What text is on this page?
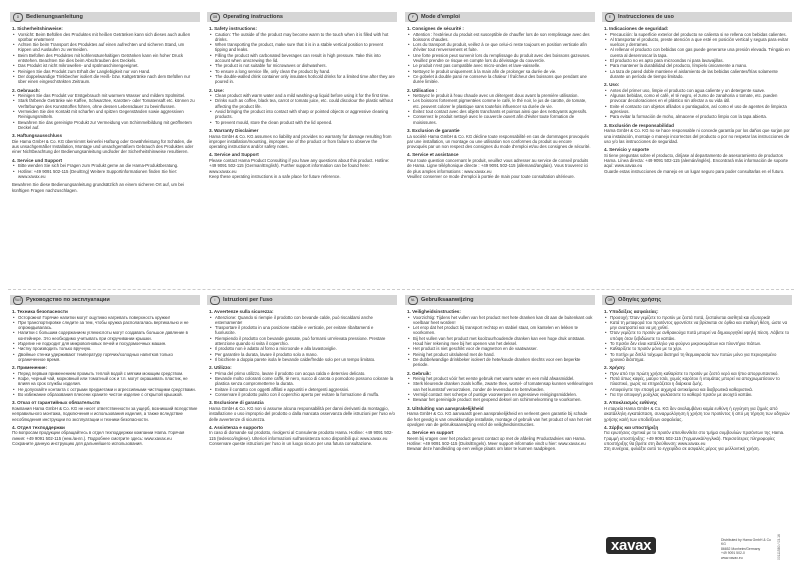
D	Bedienungsanleitung
1. Sicherheitshinweise:
• Vorsicht: Beim Befüllen des Produktes mit heißen Getränken kann sich dieses auch außen spürbar erwärmen!
• Achten Sie beim Transport des Produktes auf einen aufrechten und sicheren Stand, um Kippen und Auslaufen zu vermeiden.
• Beim Befüllen des Produktes mit kohlensäurehaltigen Getränken kann ein hoher Druck entstehen. Beachten Sie dies beim Abschrauben des Deckels.
• Das Produkt ist nicht mikrowellen- und spülmaschinengeeignet.
• Reinigen Sie das Produkt zum Erhalt der Langlebigkeit nur von Hand.
• Der doppelwandige Trinkbecher isoliert die Heiß- bzw. Kaltgetränke nach dem Befüllen nur über einen eingeschränkten Zeitraum.
2. Gebrauch:
• Reinigen Sie das Produkt vor Erstgebrauch mit warmem Wasser und mildem Spülmittel.
• Stark färbende Getränke wie Kaffee, Schwarztee, Karotten- oder Tomatensaft etc. können zu Verfärbungen des Kunststoffes führen, ohne dessen Lebensdauer zu beeinflussen.
• Vermeiden Sie den Kontakt mit scharfen und spitzen Gegenständen sowie aggressiven Reinigungsmitteln.
• Bewahren Sie das gereinigte Produkt zur Vermeidung von Schimmelbildung mit geöffnetem Deckel auf.
3. Haftungsausschluss
Die Hama GmbH & Co. KG übernimmt keinerlei Haftung oder Gewährleistung für Schäden, die aus unsachgemäßer Installation, Montage und unsachgemäßem Gebrauch des Produktes oder einer Nichtbeachtung der Bedienungsanleitung und/oder der Sicherheitshinweise resultieren.
4. Service und Support
• Bitte wenden Sie sich bei Fragen zum Produkt gerne an die Hama-Produktberatung.
• Hotline: +49 9091 502-115 (Deu/Eng) Weitere Supportinformationen finden Sie hier: www.xavax.eu
Bewahren Sie diese Bedienungsanleitung grundsätzlich an einem sicheren Ort auf, um bei künftigen Fragen nachzuschlagen.
GB	Operating instructions
1. Safety instructions:
• Caution: The outside of the product may become warm to the touch when it is filled with hot drinks.
• When transporting the product, make sure that it is in a stable vertical position to prevent tipping and leaks.
• Filling the product with carbonated beverages can result in high pressure. Take this into account when unscrewing the lid.
• The product is not suitable for microwaves or dishwashers.
• To ensure a long service life, only clean the product by hand.
• The double-walled drink container only insulates hot/cold drinks for a limited time after they are poured in.
2. Use:
• Clean product with warm water and a mild washing-up liquid before using it for the first time.
• Drinks such as coffee, black tea, carrot or tomato juice, etc. could discolour the plastic without affecting the product life.
• Avoid bringing the product into contact with sharp or pointed objects or aggressive cleaning products.
• To prevent mould, store the clean product with the lid opened.
3. Warranty Disclaimer
Hama GmbH & Co. KG assumes no liability and provides no warranty for damage resulting from improper installation/mounting, improper use of the product or from failure to observe the operating instructions and/or safety notes.
4. Service and Support
Please contact Hama Product Consulting if you have any questions about this product. Hotline: +49 9091 502-115 (German/English). Further support information can be found here: www.xavax.eu
Keep these operating instructions in a safe place for future reference.
F	Mode d'emploi
1. Consignes de sécurité :
• Attention : l'extérieur du produit est susceptible de chauffer lors de son remplissage avec des boissons chaudes.
• Lors du transport du produit, veillez à ce que celui-ci reste toujours en position verticale afin d'éviter tout renversement et fuite.
• Une forte pression peut survenir lors du remplissage du produit avec des boissons gazeuses. Veuillez prendre ce risque en compte lors du dévissage du couvercle.
• Le produit n'est pas compatible avec micro-ondes et lave-vaisselle.
• Nettoyez le produit uniquement à la main afin de prolonger sa durée de vie.
• Ce gobelet à double paroi ne conserve la chaleur / fraîcheur des boissons que pendant une durée limitée.
2. Utilisation :
• Nettoyez le produit à l'eau chaude avec un détergent doux avant la première utilisation.
• Les boissons fortement pigmentées comme le café, le thé noir, le jus de carotte, de tomate, etc. peuvent colorer le plastique sans toutefois influencer sa durée de vie.
• Évitez tout contact avec des objets tranchants et pointus ainsi que des nettoyants agressifs.
• Conservez le produit nettoyé avec le couvercle ouvert afin d'éviter toute formation de moisissures.
3. Exclusion de garantie
La société Hama GmbH & Co. KG décline toute responsabilité en cas de dommages provoqués par une installation, un montage ou une utilisation non conformes du produit ou encore provoqués par un non respect des consignes du mode d'emploi et/ou des consignes de sécurité.
4. Service et assistance
Pour toute question concernant le produit, veuillez vous adresser au service de conseil produits de Hama. Ligne téléphonique directe : +49 9091 502-115 (allemand/anglais). Vous trouverez ici de plus amples informations : www.xavax.eu
Veuillez conserver ce mode d'emploi à portée de main pour toute consultation ultérieure.
E	Instrucciones de uso
1. Indicaciones de seguridad:
• Precaución: la superficie exterior del producto se calienta si se rellena con bebidas calientes.
• Al transportar el producto, preste atención a que esté en posición vertical y segura para evitar vuelcos y derrames.
• Al rellenar el producto con bebidas con gas puede generarse una presión elevada. Téngalo en cuenta al desenroscar la tapa.
• El producto no es apto para microondas ni para lavavajillas.
• Para mantener la durabilidad del producto, límpielo únicamente a mano.
• La taza de pared doble mantiene el aislamiento de las bebidas calientes/frías solamente durante un período de tiempo limitado.
2. Uso:
• Antes del primer uso, limpie el producto con agua caliente y un detergente suave.
• Algunas bebidas, como el café, el té negro, el zumo de zanahoria o tomate, etc. pueden provocar decoloraciones en el plástico sin afectar a su vida útil.
• Evite el contacto con objetos afilados o puntiagudos, así como el uso de agentes de limpieza agresivos.
• Para evitar la formación de moho, almacene el producto limpio con la tapa abierta.
3. Exclusión de responsabilidad
Hama GmbH & Co. KG no se hace responsable ni concede garantía por los daños que surjan por una instalación, montaje o manejo incorrectos del producto o por no respetar las instrucciones de uso y/o las instrucciones de seguridad.
4. Servicio y soporte
Si tiene preguntas sobre el producto, diríjase al departamento de asesoramiento de productos Hama. Línea directa: +49 9091 502-115 (alemán/inglés). Encontrará más información de soporte aquí: www.xavax.eu
Guarde estas instrucciones de manejo en un lugar seguro para poder consultarlas en el futuro.
RUS Руководство по эксплуатации
1. Техника безопасности
• Осторожно! Горячие напитки могут ощутимо нагревать поверхность кружки!
• При транспортировке следите за тем, чтобы кружка располагалась вертикально и не опрокидывалась.
• Напитки с большим содержанием углекислоты могут создавать большое давление в контейнере. Это необходимо учитывать при откручивании крышки.
• Изделие не подходит для микроволновых печей и посудомоечных машин.
• Чистку производить только вручную.
• Двойные стенки удерживают температуру горячих/холодных напитков только ограниченное время.
2. Применение:
• Перед первым применением промыть теплой водой с мягким моющим средством.
• Кофе, черный чай, морковный или томатный сок и т.п. могут окрашивать пластик, не влияя на срок службы изделия.
• Не допускайте контакта с острыми предметами и агрессивными чистящими средствами.
• Во избежание образования плесени храните чистое изделие с открытой крышкой.
3. Отказ от гарантийных обязательств
Компания Hama GmbH & Co. KG не несет ответственности за ущерб, возникший вследствие неправильного монтажа, подключения и использования изделия, а также вследствие несоблюдения инструкции по эксплуатации и техники безопасности.
4. Отдел техподдержки
По вопросам продукции обращайтесь в отдел техподдержки компании Hama. Горячая линия: +49 9091 502-115 (нем./англ.). Подробнее смотрите здесь: www.xavax.eu
Сохраните данную инструкцию для дальнейшего использования.
I	Istruzioni per l'uso
1. Avvertenze sulla sicurezza:
• Attenzione: Quando si riempie il prodotto con bevande calde, può riscaldarsi anche esternamente!
• Trasportare il prodotto in una posizione stabile e verticale, per evitare ribaltamenti e fuoriuscite.
• Riempiendo il prodotto con bevande gassate, può formarsi un'elevata pressione. Prestare attenzione quando si svita il coperchio.
• Il prodotto non è adatto al forno a microonde e alla lavastoviglie.
• Per garantire la durata, lavare il prodotto solo a mano.
• Il bicchiere a doppia parete isola le bevande calde/fredde solo per un tempo limitato.
2. Utilizzo:
• Prima del primo utilizzo, lavare il prodotto con acqua calda e detersivo delicato.
• Bevande molto coloranti come caffè, tè nero, succo di carota o pomodoro possono colorare la plastica senza comprometterne la durata.
• Evitare il contatto con oggetti affilati e appuntiti e detergenti aggressivi.
• Conservare il prodotto pulito con il coperchio aperto per evitare la formazione di muffa.
3. Esclusione di garanzia
Hama GmbH & Co. KG non si assume alcuna responsabilità per danni derivanti da montaggio, installazione o uso improprio del prodotto o dalla mancata osservanza delle istruzioni per l'uso e/o delle avvertenze di sicurezza.
4. Assistenza e supporto
In caso di domande sul prodotto, rivolgersi al Consulente prodotto Hama. Hotline: +49 9091 502-115 (tedesco/inglese). Ulteriori informazioni sull'assistenza sono disponibili qui: www.xavax.eu
Conservare queste istruzioni per l'uso in un luogo sicuro per una futura consultazione.
NL	Gebruiksaanwijzing
1. Veiligheidsinstructies:
• Voorzichtig: Tijdens het vullen van het product met hete dranken kan dit aan de buitenkant ook voelbaar heet worden!
• Let erop dat het product bij transport rechtop en stabiel staat, om kantelen en lekken te voorkomen.
• Bij het vullen van het product met koolzuurhoudende dranken kan een hoge druk ontstaan. Houd hier rekening mee bij het openen van het deksel.
• Het product is niet geschikt voor de magnetron en de vaatwasser.
• Reinig het product uitsluitend met de hand.
• De dubbelwandige drinkbeker isoleert de hete/koude dranken slechts voor een beperkte periode.
2. Gebruik:
• Reinig het product vóór het eerste gebruik met warm water en een mild afwasmiddel.
• Sterk kleurende dranken zoals koffie, zwarte thee, wortel- of tomatensap kunnen verkleuringen van het kunststof veroorzaken, zonder de levensduur te beïnvloeden.
• Vermijd contact met scherpe of puntige voorwerpen en agressieve reinigingsmiddelen.
• Bewaar het gereinigde product met geopend deksel om schimmelvorming te voorkomen.
3. Uitsluiting van aansprakelijkheid
Hama GmbH & Co. KG aanvaardt geen aansprakelijkheid en verleent geen garantie bij schade die het gevolg is van onvakkundige installatie, montage of gebruik van het product of van het niet opvolgen van de gebruiksaanwijzing en/of de veiligheidsinstructies.
4. Service en support
Neem bij vragen over het product gerust contact op met de afdeling Productadvies van Hama. Hotline: +49 9091 502-115 (Duits/Engels). Meer support-informatie vindt u hier: www.xavax.eu
Bewaar deze handleiding op een veilige plaats om later te kunnen raadplegen.
GR	Οδηγίες χρήσης
1. Υποδείξεις ασφαλείας:
• Προσοχή: Όταν γεμίζετε το προϊόν με ζεστά ποτά, ζεσταίνεται αισθητά και εξωτερικά!
• Κατά τη μεταφορά του προϊόντος φροντίστε να βρίσκεται σε όρθια και σταθερή θέση, ώστε να μην ανατραπεί και να μη χυθεί.
• Όταν γεμίζετε το προϊόν με ανθρακούχα ποτά μπορεί να δημιουργηθεί υψηλή πίεση. Λάβετε το υπόψη όταν ξεβιδώνετε το καπάκι.
• Το προϊόν δεν είναι κατάλληλο για φούρνο μικροκυμάτων και πλυντήριο πιάτων.
• Καθαρίζετε το προϊόν μόνο με το χέρι.
• Το ποτήρι με διπλό τοίχωμα διατηρεί τη θερμοκρασία των ποτών μόνο για περιορισμένο χρονικό διάστημα.
2. Χρήση:
• Πριν από την πρώτη χρήση καθαρίστε το προϊόν με ζεστό νερό και ήπιο απορρυπαντικό.
• Ποτά όπως καφές, μαύρο τσάι, χυμός καρότου ή ντομάτας μπορεί να αποχρωματίσουν το πλαστικό, χωρίς να επηρεάζεται η διάρκεια ζωής.
• Αποφεύγετε την επαφή με αιχμηρά αντικείμενα και διαβρωτικά καθαριστικά.
• Για την αποφυγή μούχλας φυλάσσετε το καθαρό προϊόν με ανοιχτό καπάκι.
3. Αποκλεισμός ευθύνης
Η εταιρεία Hama GmbH & Co. KG δεν αναλαμβάνει καμία ευθύνη ή εγγύηση για ζημιές από ακατάλληλη εγκατάσταση, συναρμολόγηση ή χρήση του προϊόντος ή από μη τήρηση των οδηγιών χρήσης και/ή των υποδείξεων ασφαλείας.
4. Σέρβις και υποστήριξη
Για ερωτήσεις σχετικά με το προϊόν απευθυνθείτε στο τμήμα συμβουλών προϊόντων της Hama. Γραμμή υποστήριξης: +49 9091 502-115 (Γερμανικά/Αγγλικά). Περισσότερες πληροφορίες υποστήριξης θα βρείτε στη διεύθυνση: www.xavax.eu
Στη συνέχεια, φυλάξτε αυτό το εγχειρίδιο σε ασφαλές μέρος για μελλοντική χρήση.
xavax	Distributed by Hama GmbH & Co KG
86652 Monheim/Germany
+49 9091 502-0
www.xavax.eu	00111580 / 03.16
